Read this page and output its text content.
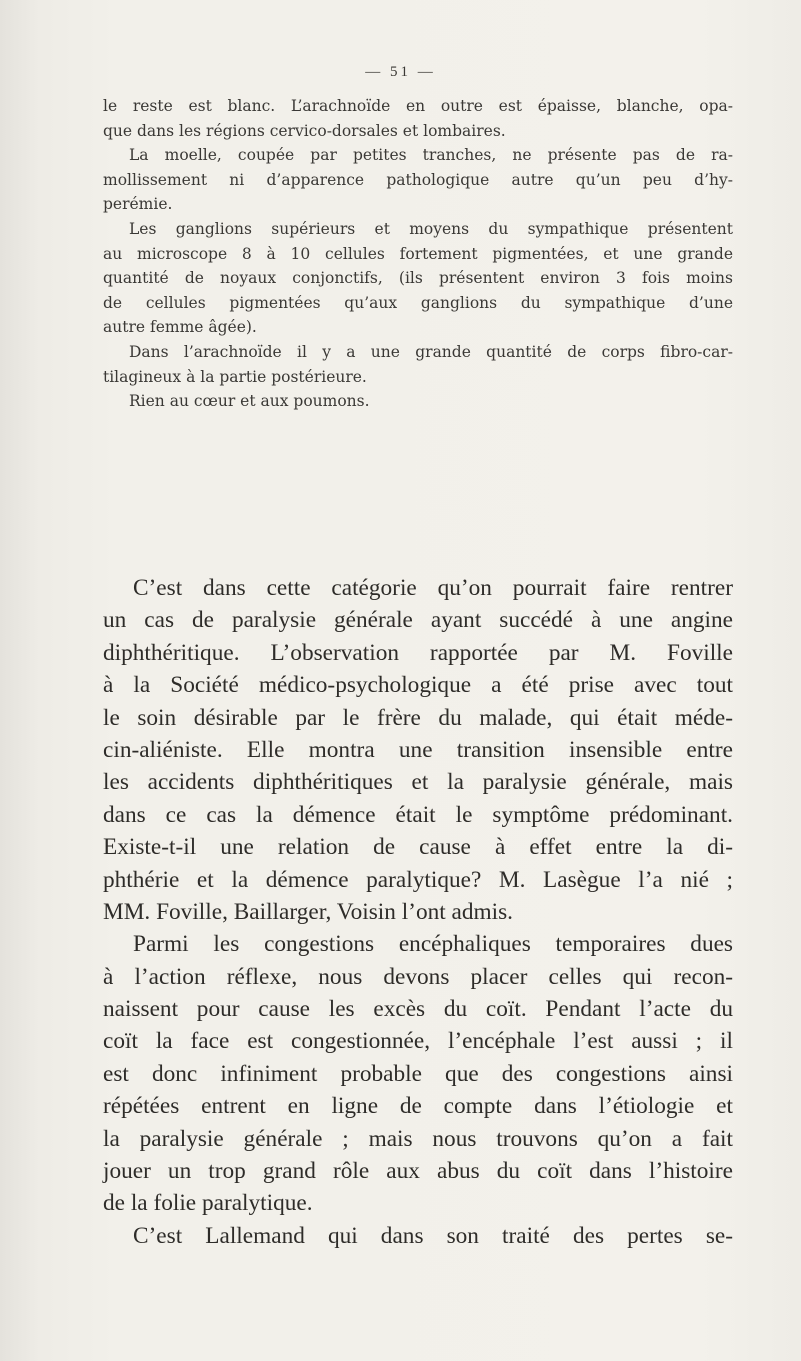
— 51 —
le reste est blanc. L’arachnoïde en outre est épaisse, blanche, opa-
que dans les régions cervico-dorsales et lombaires.
La moelle, coupée par petites tranches, ne présente pas de ra-
mollissement ni d’apparence pathologique autre qu’un peu d’hy-
perémie.
Les ganglions supérieurs et moyens du sympathique présentent
au microscope 8 à 10 cellules fortement pigmentées, et une grande
quantité de noyaux conjonctifs, (ils présentent environ 3 fois moins
de cellules pigmentées qu’aux ganglions du sympathique d’une
autre femme âgée).
Dans l’arachnoïde il y a une grande quantité de corps fibro-car-
tilagineux à la partie postérieure.
Rien au cœur et aux poumons.
C’est dans cette catégorie qu’on pourrait faire rentrer
un cas de paralysie générale ayant succédé à une angine
diphthéritique. L’observation rapportée par M. Foville
à la Société médico-psychologique a été prise avec tout
le soin désirable par le frère du malade, qui était méde-
cin-aliéniste. Elle montra une transition insensible entre
les accidents diphthéritiques et la paralysie générale, mais
dans ce cas la démence était le symptôme prédominant.
Existe-t-il une relation de cause à effet entre la di-
phthérie et la démence paralytique? M. Lasègue l’a nié ;
MM. Foville, Baillarger, Voisin l’ont admis.
Parmi les congestions encéphaliques temporaires dues
à l’action réflexe, nous devons placer celles qui recon-
naissent pour cause les excès du coït. Pendant l’acte du
coït la face est congestionnée, l’encéphale l’est aussi ; il
est donc infiniment probable que des congestions ainsi
répétées entrent en ligne de compte dans l’étiologie et
la paralysie générale ; mais nous trouvons qu’on a fait
jouer un trop grand rôle aux abus du coït dans l’histoire
de la folie paralytique.
C’est Lallemand qui dans son traité des pertes se-
